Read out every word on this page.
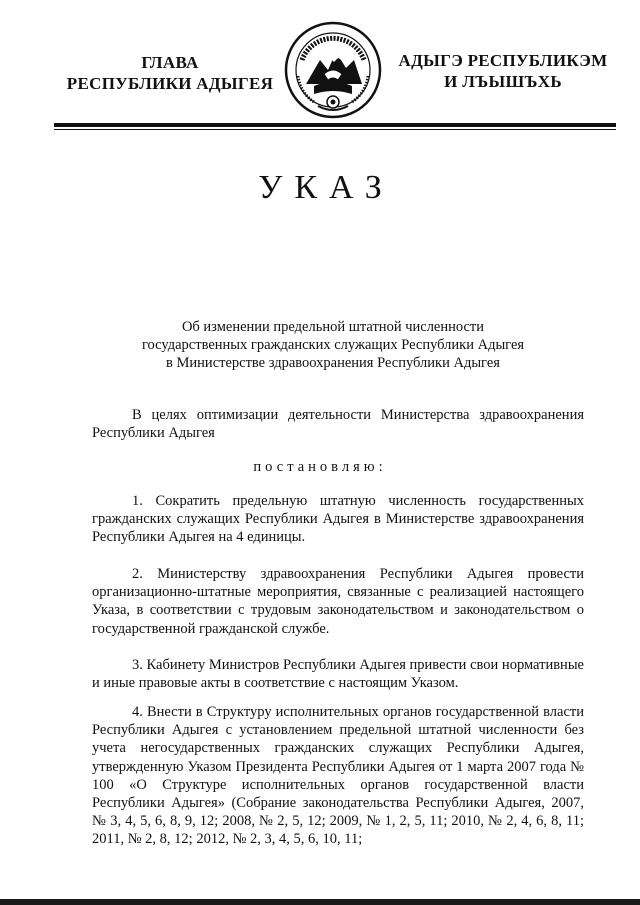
ГЛАВА
РЕСПУБЛИКИ АДЫГЕЯ
АДЫГЭ РЕСПУБЛИКЭМ
И ЛЪЫШЪХЬ
УКАЗ
Об изменении предельной штатной численности
государственных гражданских служащих Республики Адыгея
в Министерстве здравоохранения Республики Адыгея
В целях оптимизации деятельности Министерства здравоохранения Республики Адыгея
постановляю:
1. Сократить предельную штатную численность государственных гражданских служащих Республики Адыгея в Министерстве здравоохранения Республики Адыгея на 4 единицы.
2. Министерству здравоохранения Республики Адыгея провести организационно-штатные мероприятия, связанные с реализацией настоящего Указа, в соответствии с трудовым законодательством и законодательством о государственной гражданской службе.
3. Кабинету Министров Республики Адыгея привести свои нормативные и иные правовые акты в соответствие с настоящим Указом.
4. Внести в Структуру исполнительных органов государственной власти Республики Адыгея с установлением предельной штатной численности без учета негосударственных гражданских служащих Республики Адыгея, утвержденную Указом Президента Республики Адыгея от 1 марта 2007 года № 100 «О Структуре исполнительных органов государственной власти Республики Адыгея» (Собрание законодательства Республики Адыгея, 2007, № 3, 4, 5, 6, 8, 9, 12; 2008, № 2, 5, 12; 2009, № 1, 2, 5, 11; 2010, № 2, 4, 6, 8, 11; 2011, № 2, 8, 12; 2012, № 2, 3, 4, 5, 6, 10, 11;
